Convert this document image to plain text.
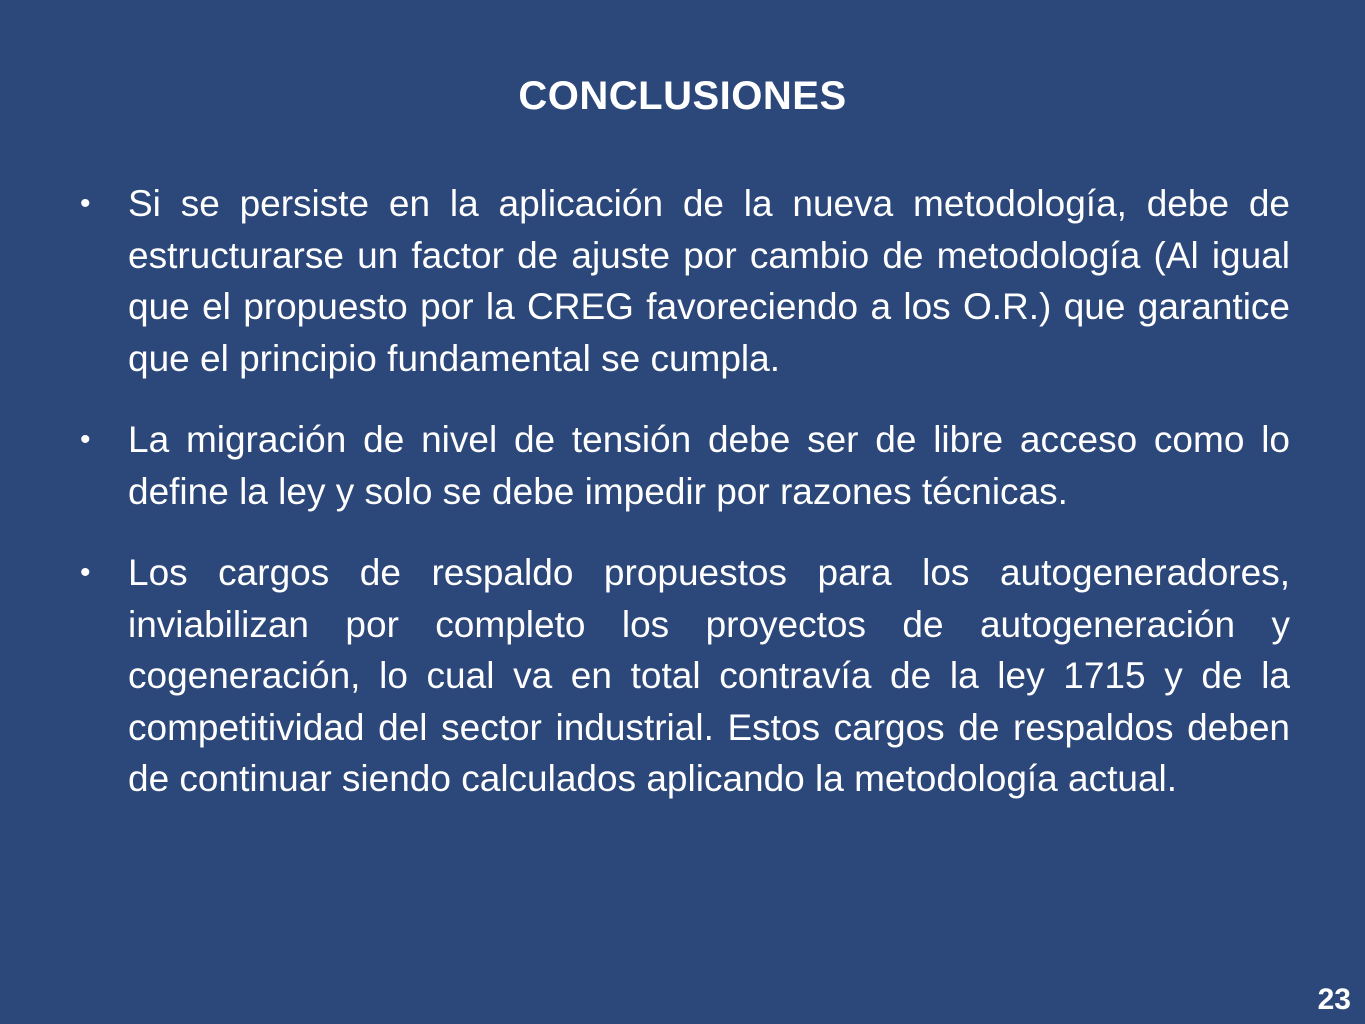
CONCLUSIONES
• Si se persiste en la aplicación de la nueva metodología, debe de estructurarse un factor de ajuste por cambio de metodología (Al igual que el propuesto por la CREG favoreciendo a los O.R.) que garantice que el principio fundamental se cumpla.
• La migración de nivel de tensión debe ser de libre acceso como lo define la ley y solo se debe impedir por razones técnicas.
• Los cargos de respaldo propuestos para los autogeneradores, inviabilizan por completo los proyectos de autogeneración y cogeneración, lo cual va en total contravía de la ley 1715 y de la competitividad del sector industrial. Estos cargos de respaldos deben de continuar siendo calculados aplicando la metodología actual.
23
